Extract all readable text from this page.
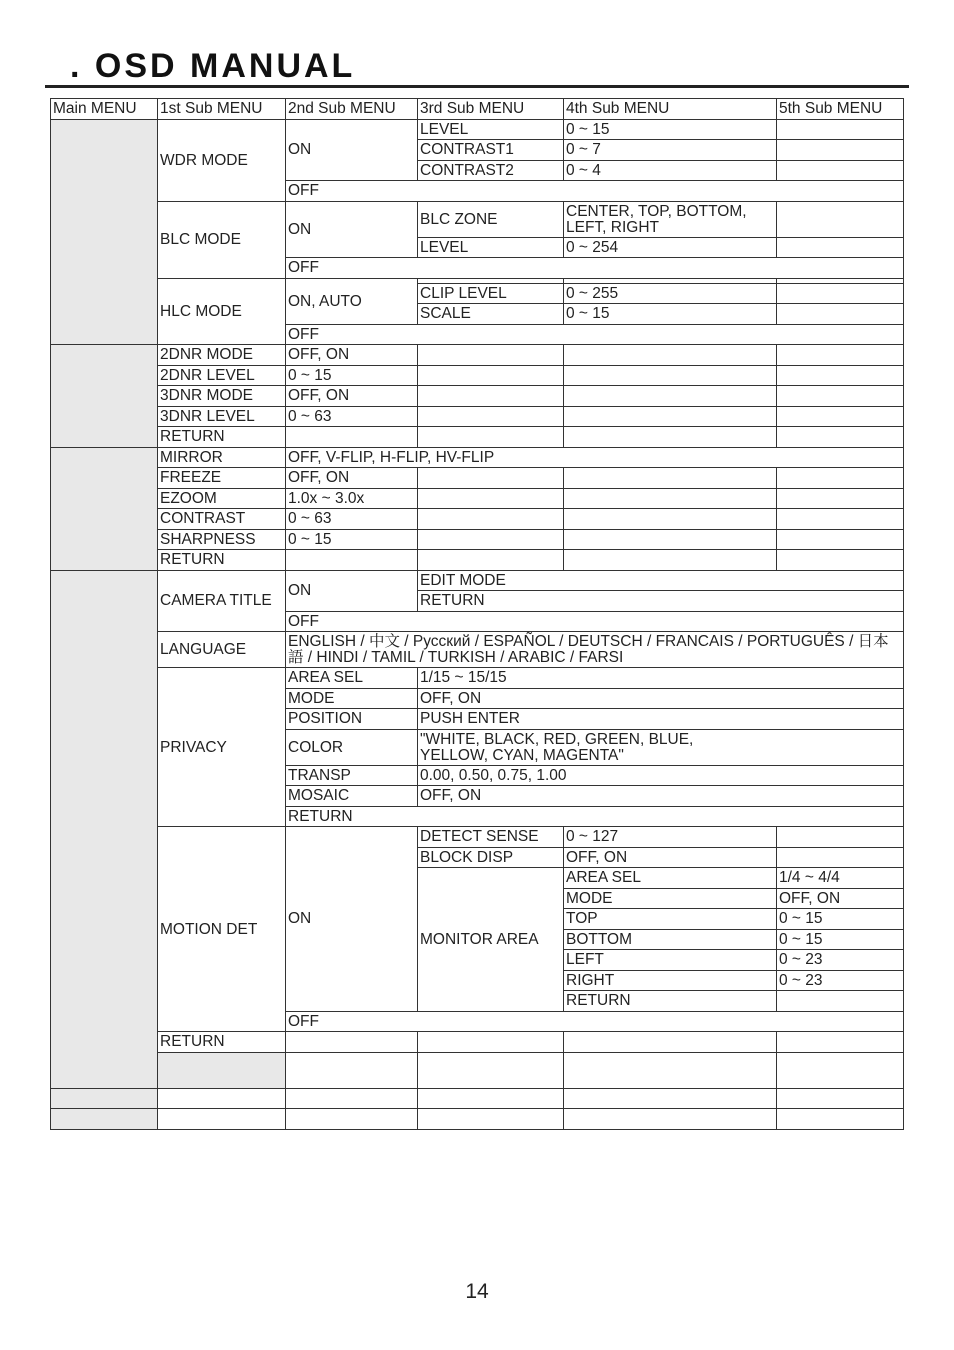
. OSD MANUAL
Main MENU	1st Sub MENU	2nd Sub MENU	3rd Sub MENU	4th Sub MENU	5th Sub MENU	
	WDR MODE	ON	LEVEL	0 ~ 15		
			CONTRAST1	0 ~ 7		
			CONTRAST2	0 ~ 4		
		OFF				
	BLC MODE	ON	BLC ZONE	CENTER, TOP, BOTTOM, LEFT, RIGHT		
			LEVEL	0 ~ 254		
		OFF				
	HLC MODE	ON, AUTO				
			CLIP LEVEL	0 ~ 255		
			SCALE	0 ~ 15		
		OFF				
	2DNR MODE	OFF, ON				
	2DNR LEVEL	0 ~ 15				
	3DNR MODE	OFF, ON				
	3DNR LEVEL	0 ~ 63				
	RETURN					
	MIRROR	OFF, V-FLIP, H-FLIP, HV-FLIP				
	FREEZE	OFF, ON				
	EZOOM	1.0x ~ 3.0x				
	CONTRAST	0 ~ 63				
	SHARPNESS	0 ~ 15				
	RETURN					
	CAMERA TITLE	ON	EDIT MODE			
			RETURN			
		OFF				
	LANGUAGE	ENGLISH / 中文 / Русский / ESPAÑOL / DEUTSCH / FRANCAIS / PORTUGUÊS / 日本語 / HINDI / TAMIL / TURKISH / ARABIC / FARSI				
	PRIVACY	AREA SEL	1/15 ~ 15/15			
		MODE	OFF, ON			
		POSITION	PUSH ENTER			
		COLOR	"WHITE, BLACK, RED, GREEN, BLUE, YELLOW, CYAN, MAGENTA"			
		TRANSP	0.00, 0.50, 0.75, 1.00			
		MOSAIC	OFF, ON			
		RETURN				
	MOTION DET	ON	DETECT SENSE	0 ~ 127		
			BLOCK DISP	OFF, ON		
			MONITOR AREA	AREA SEL	1/4 ~ 4/4	
				MODE	OFF, ON	
				TOP	0 ~ 15	
				BOTTOM	0 ~ 15	
				LEFT	0 ~ 23	
				RIGHT	0 ~ 23	
				RETURN		
		OFF				
	RETURN					

14
